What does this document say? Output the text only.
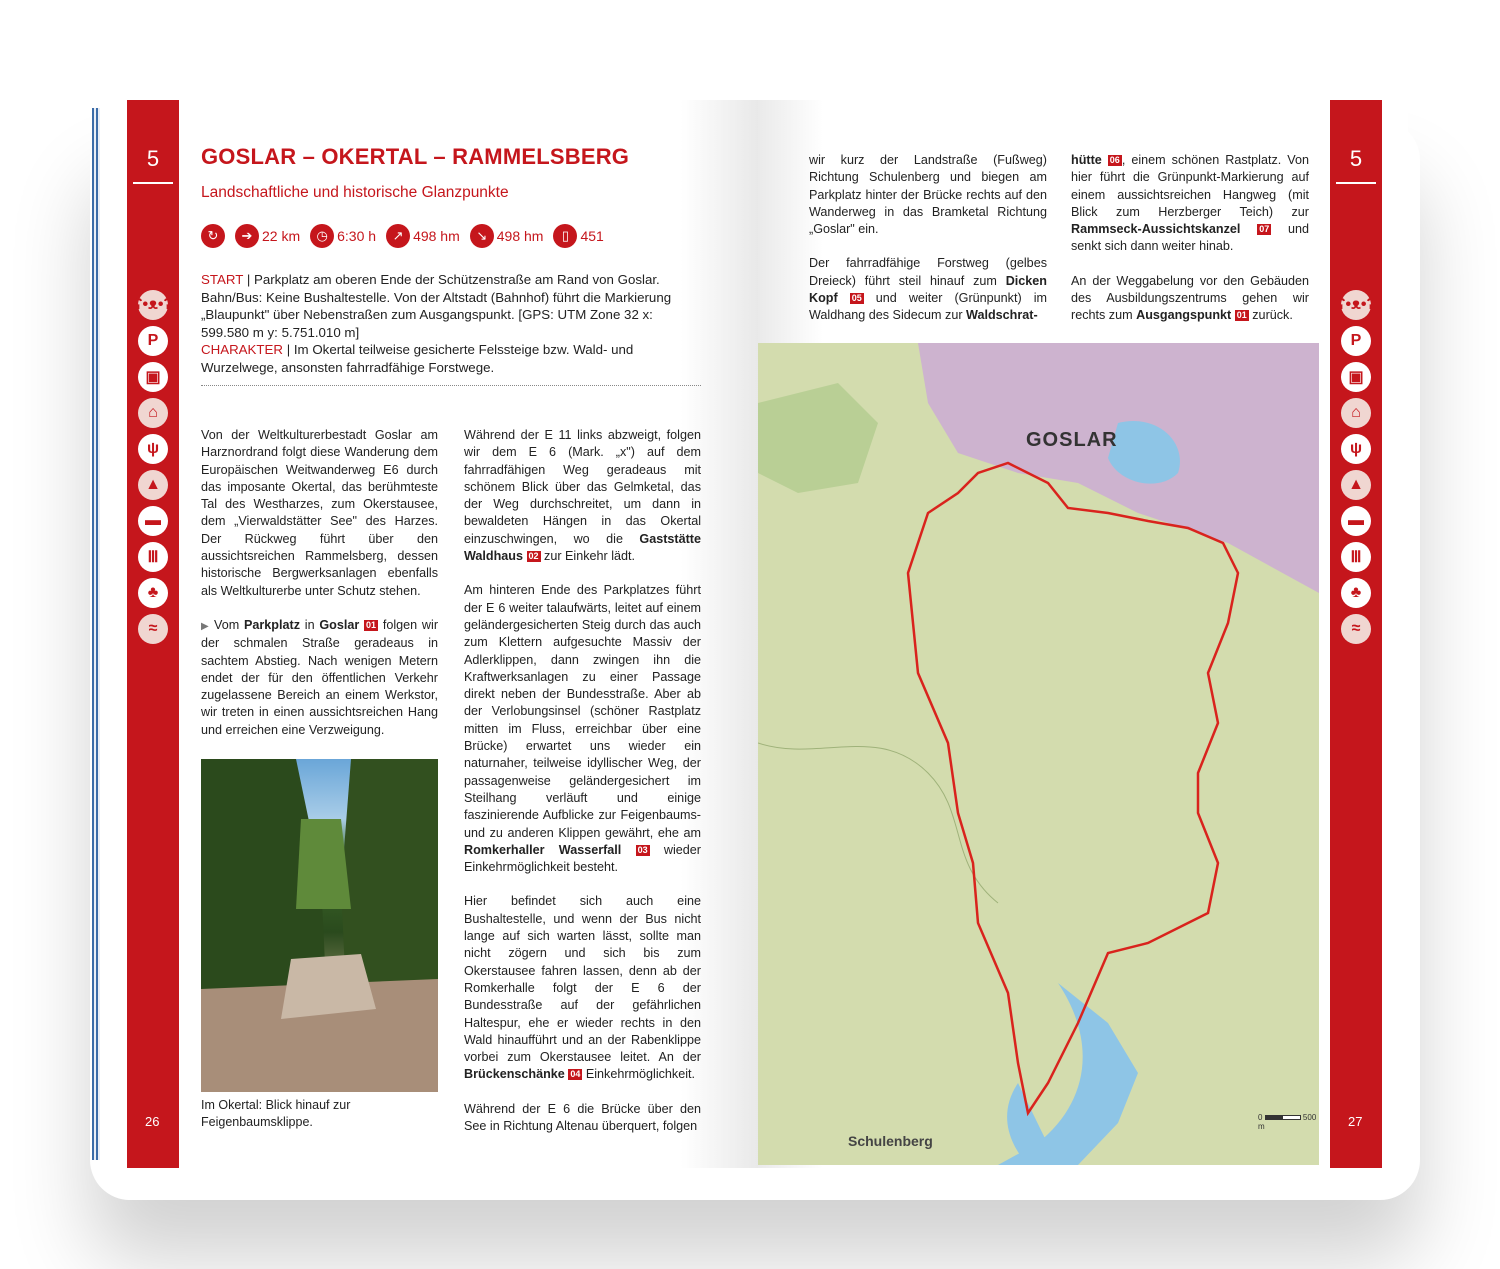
5
26
5
27
ʕ•ᴥ•ʔ
P
▣
⌂
ψ
▲
▬
Ⅲ
♣
≈
ʕ•ᴥ•ʔ
P
▣
⌂
ψ
▲
▬
Ⅲ
♣
≈
GOSLAR – OKERTAL – RAMMELSBERG
Landschaftliche und historische Glanzpunkte
↻	➔ 22 km	◷ 6:30 h	↗ 498 hm	↘ 498 hm	▯ 451
START | Parkplatz am oberen Ende der Schützenstraße am Rand von Goslar. Bahn/Bus: Keine Bushaltestelle. Von der Altstadt (Bahnhof) führt die Markierung „Blaupunkt" über Nebenstraßen zum Ausgangspunkt. [GPS: UTM Zone 32 x: 599.580 m y: 5.751.010 m]
CHARAKTER | Im Okertal teilweise gesicherte Felssteige bzw. Wald- und Wurzelwege, ansonsten fahrradfähige Forstwege.

Von der Weltkulturerbestadt Goslar am Harznordrand folgt diese Wanderung dem Europäischen Weitwanderweg E6 durch das imposante Okertal, das berühmteste Tal des Westharzes, zum Okerstausee, dem „Vierwaldstätter See" des Harzes. Der Rückweg führt über den aussichtsreichen Rammelsberg, dessen historische Bergwerksanlagen ebenfalls als Weltkulturerbe unter Schutz stehen.

▶ Vom Parkplatz in Goslar 01 folgen wir der schmalen Straße geradeaus in sachtem Abstieg. Nach wenigen Metern endet der für den öffentlichen Verkehr zugelassene Bereich an einem Werkstor, wir treten in einen aussichtsreichen Hang und erreichen eine Verzweigung.

Im Okertal: Blick hinauf zur Feigenbaumsklippe.

Während der E 11 links abzweigt, folgen wir dem E 6 (Mark. „x") auf dem fahrradfähigen Weg geradeaus mit schönem Blick über das Gelmketal, das der Weg durchschreitet, um dann in bewaldeten Hängen in das Okertal einzuschwingen, wo die Gaststätte Waldhaus 02 zur Einkehr lädt.

Am hinteren Ende des Parkplatzes führt der E 6 weiter talaufwärts, leitet auf einem geländergesicherten Steig durch das auch zum Klettern aufgesuchte Massiv der Adlerklippen, dann zwingen ihn die Kraftwerksanlagen zu einer Passage direkt neben der Bundesstraße. Aber ab der Verlobungsinsel (schöner Rastplatz mitten im Fluss, erreichbar über eine Brücke) erwartet uns wieder ein naturnaher, teilweise idyllischer Weg, der passagenweise geländergesichert im Steilhang verläuft und einige faszinierende Aufblicke zur Feigenbaums- und zu anderen Klippen gewährt, ehe am Romkerhaller Wasserfall 03 wieder Einkehrmöglichkeit besteht.

Hier befindet sich auch eine Bushaltestelle, und wenn der Bus nicht lange auf sich warten lässt, sollte man nicht zögern und sich bis zum Okerstausee fahren lassen, denn ab der Romkerhalle folgt der E 6 der Bundesstraße auf der gefährlichen Haltespur, ehe er wieder rechts in den Wald hinaufführt und an der Rabenklippe vorbei zum Okerstausee leitet. An der Brückenschänke 04 Einkehrmöglichkeit.

Während der E 6 die Brücke über den See in Richtung Altenau überquert, folgen

wir kurz der Landstraße (Fußweg) Richtung Schulenberg und biegen am Parkplatz hinter der Brücke rechts auf den Wanderweg in das Bramketal Richtung „Goslar" ein.

Der fahrradfähige Forstweg (gelbes Dreieck) führt steil hinauf zum Dicken Kopf 05 und weiter (Grünpunkt) im Waldhang des Sidecum zur Waldschrat-

hütte 06 , einem schönen Rastplatz. Von hier führt die Grünpunkt-Markierung auf einem aussichtsreichen Hangweg (mit Blick zum Herzberger Teich) zur Rammseck-Aussichtskanzel 07 und senkt sich dann weiter hinab.

An der Weggabelung vor den Gebäuden des Ausbildungszentrums gehen wir rechts zum Ausgangspunkt 01 zurück.

GOSLAR
Schulenberg
0	500 m
